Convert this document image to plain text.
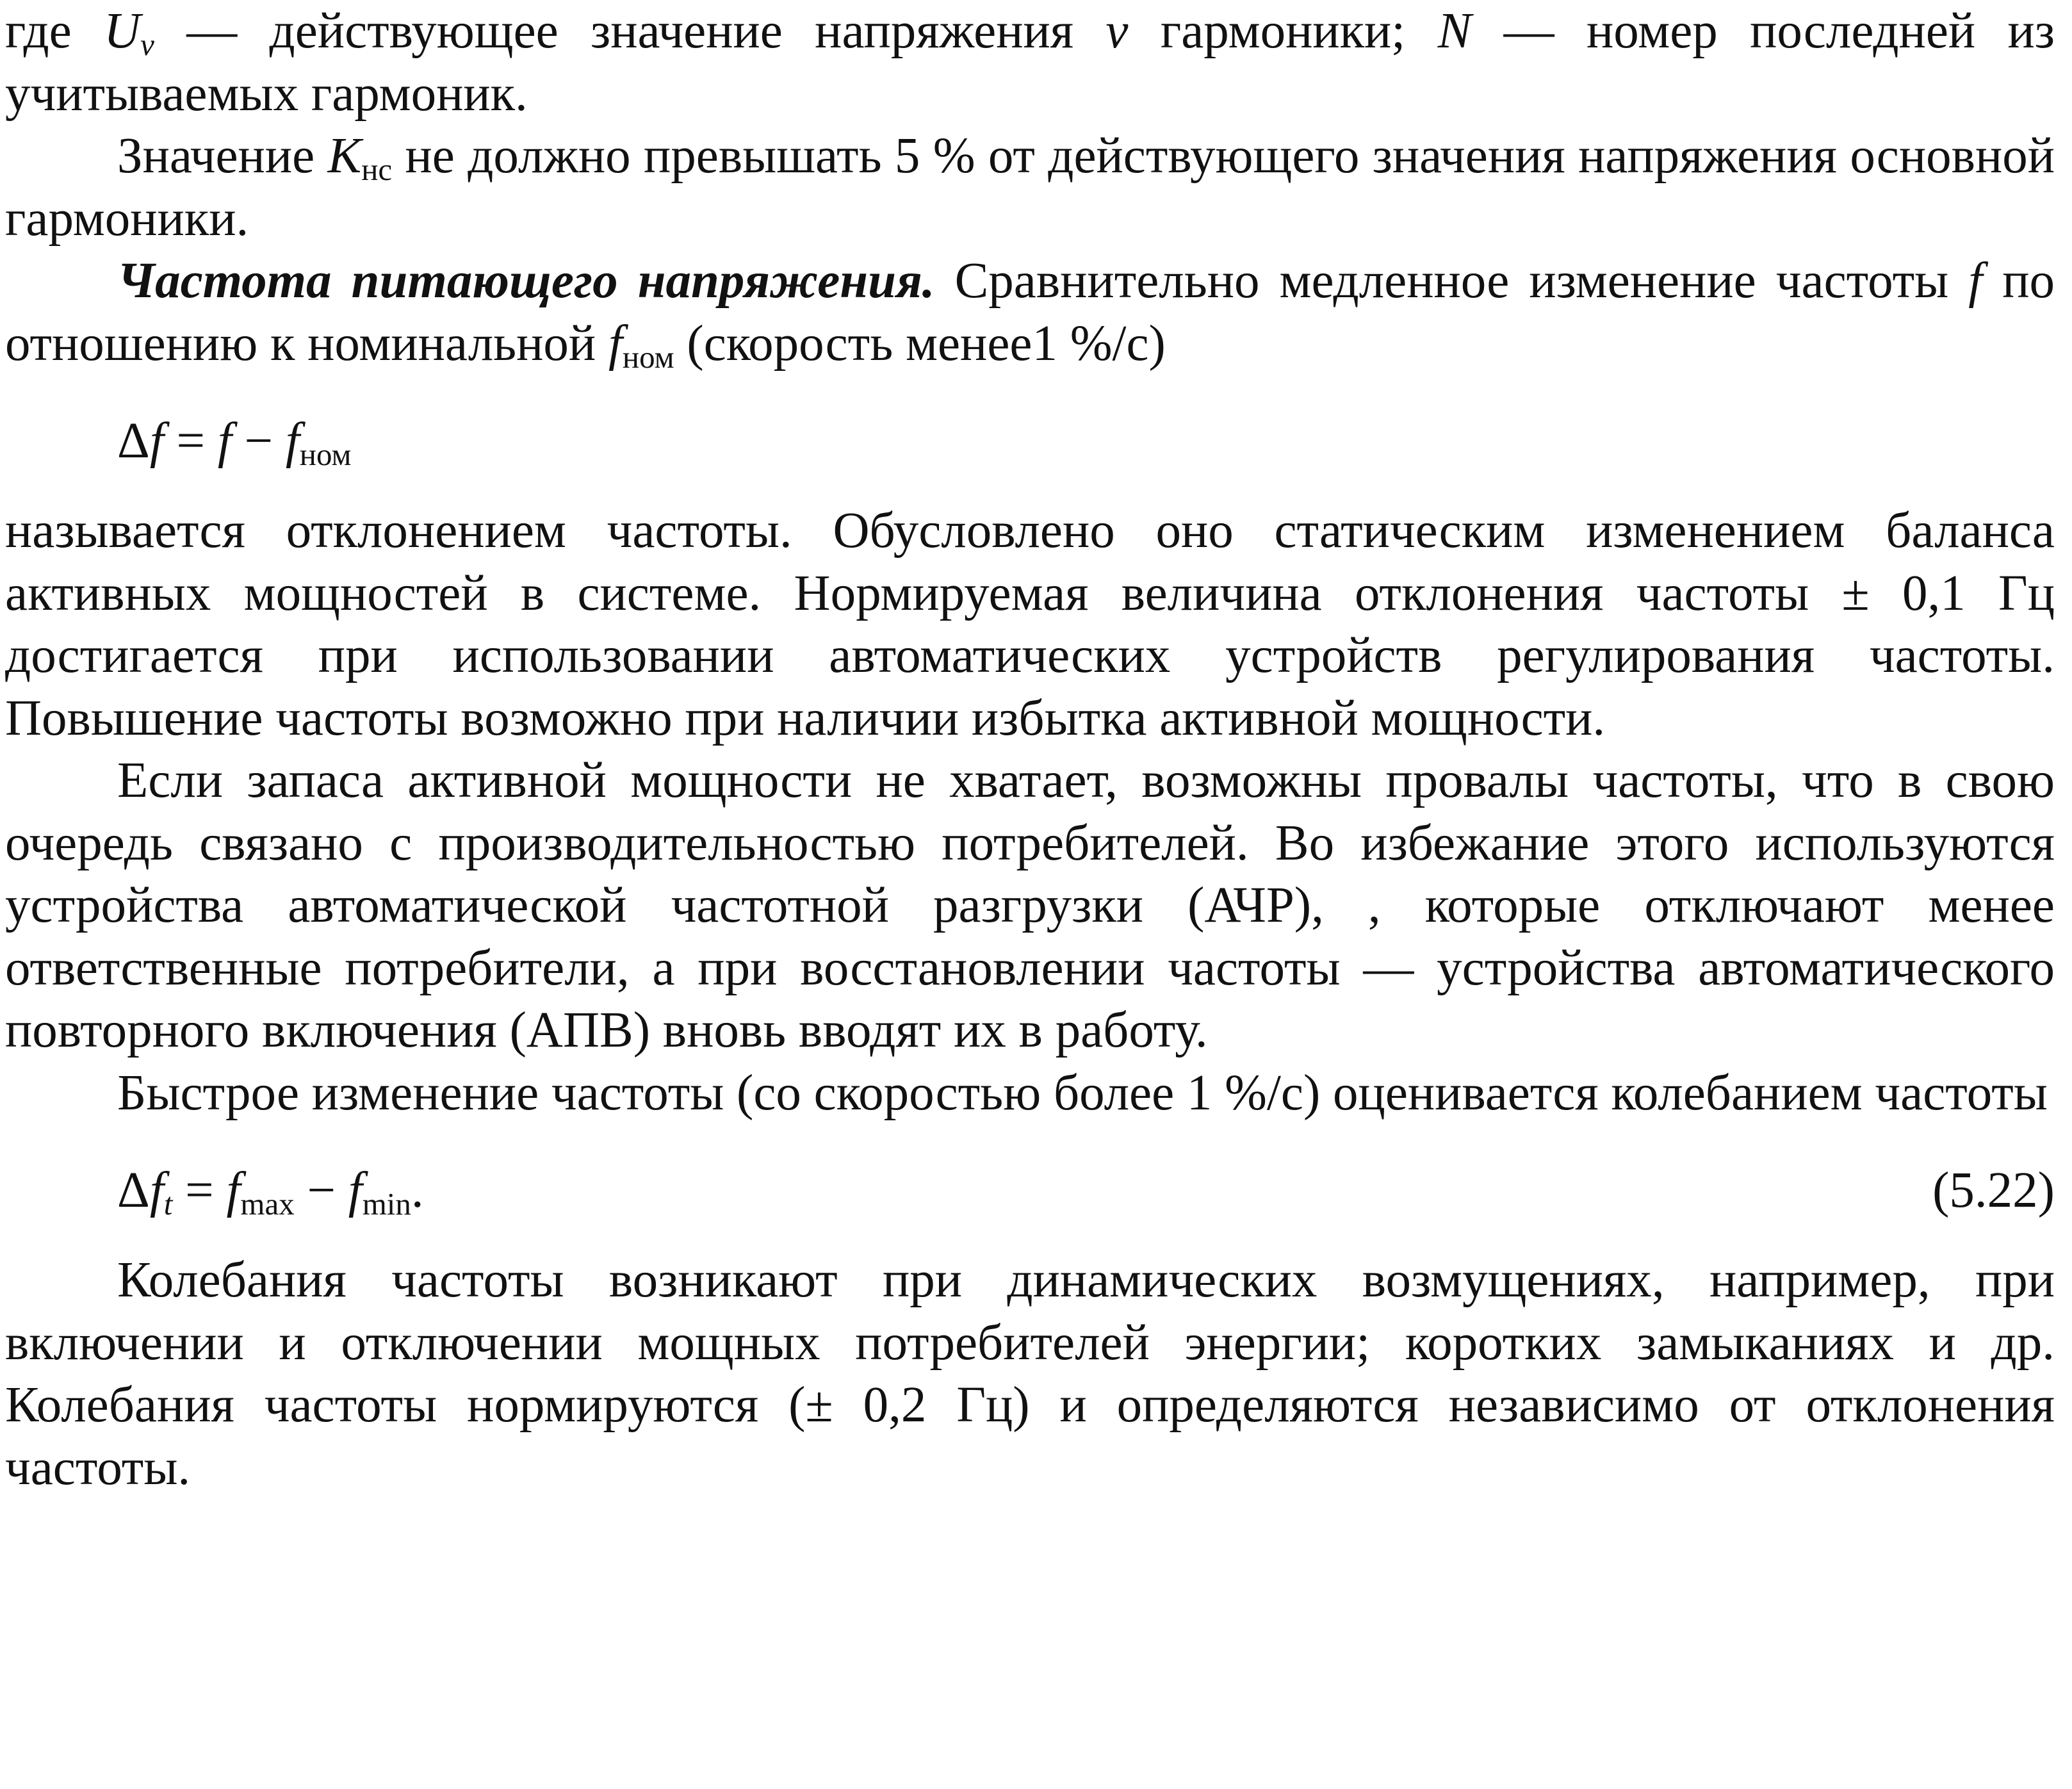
где $U_v$ — действующее значение напряжения v гармоники; N — номер последней из учитываемых гармоник.

Значение $K_{нс}$ не должно превышать 5 % от действующего значения напряжения основной гармоники.

Частота питающего напряжения. Сравнительно медленное изменение частоты f по отношению к номинальной $f_{ном}$ (скорость менее1 %/с)

$\Delta f = f - f_{ном}$

называется отклонением частоты. Обусловлено оно статическим изменением баланса активных мощностей в системе. Нормируемая величина отклонения частоты ± 0,1 Гц достигается при использовании автоматических устройств регулирования частоты. Повышение частоты возможно при наличии избытка активной мощности.

Если запаса активной мощности не хватает, возможны провалы частоты, что в свою очередь связано с производительностью потребителей. Во избежание этого используются устройства автоматической частотной разгрузки (АЧР), , которые отключают менее ответственные потребители, а при восстановлении частоты — устройства автоматического повторного включения (АПВ) вновь вводят их в работу.

Быстрое изменение частоты (со скоростью более 1 %/с) оценивается колебанием частоты

$\Delta f_t = f_{max} - f_{min}$.	(5.22)

Колебания частоты возникают при динамических возмущениях, например, при включении и отключении мощных потребителей энергии; коротких замыканиях и др. Колебания частоты нормируются (± 0,2 Гц) и определяются независимо от отклонения частоты.
